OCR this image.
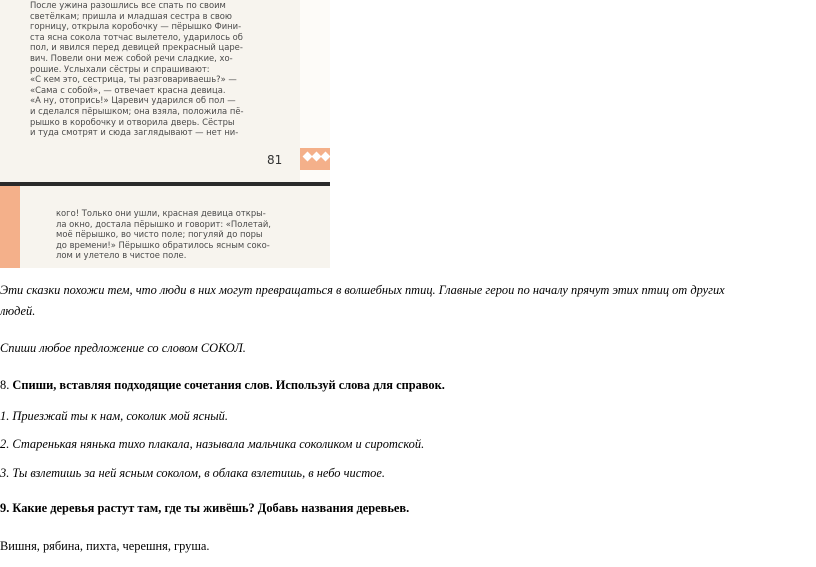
После ужина разошлись все спать по своим
светёлкам; пришла и младшая сестра в свою
горницу, открыла коробочку — пёрышко Фини-
ста ясна сокола тотчас вылетело, ударилось об
пол, и явился перед девицей прекрасный царе-
вич. Повели они меж собой речи сладкие, хо-
рошие. Услыхали сёстры и спрашивают:
«С кем это, сестрица, ты разговариваешь?» —
«Сама с собой», — отвечает красна девица.
«А ну, отопрись!» Царевич ударился об пол —
и сделался пёрышком; она взяла, положила пё-
рышко в коробочку и отворила дверь. Сёстры
и туда смотрят и сюда заглядывают — нет ни-

81

кого! Только они ушли, красная девица откры-
ла окно, достала пёрышко и говорит: «Полетай,
моё пёрышко, во чисто поле; погуляй до поры
до времени!» Пёрышко обратилось ясным соко-
лом и улетело в чистое поле.

Эти сказки похожи тем, что люди в них могут превращаться в волшебных птиц. Главные герои по началу прячут этих птиц от других

людей.

Спиши любое предложение со словом СОКОЛ.

8. Спиши, вставляя подходящие сочетания слов. Используй слова для справок.

1. Приезжай ты к нам, соколик мой ясный.

2. Старенькая нянька тихо плакала, называла мальчика соколиком и сиротской.

3. Ты взлетишь за ней ясным соколом, в облака взлетишь, в небо чистое.

9. Какие деревья растут там, где ты живёшь? Добавь названия деревьев.

Вишня, рябина, пихта, черешня, груша.
